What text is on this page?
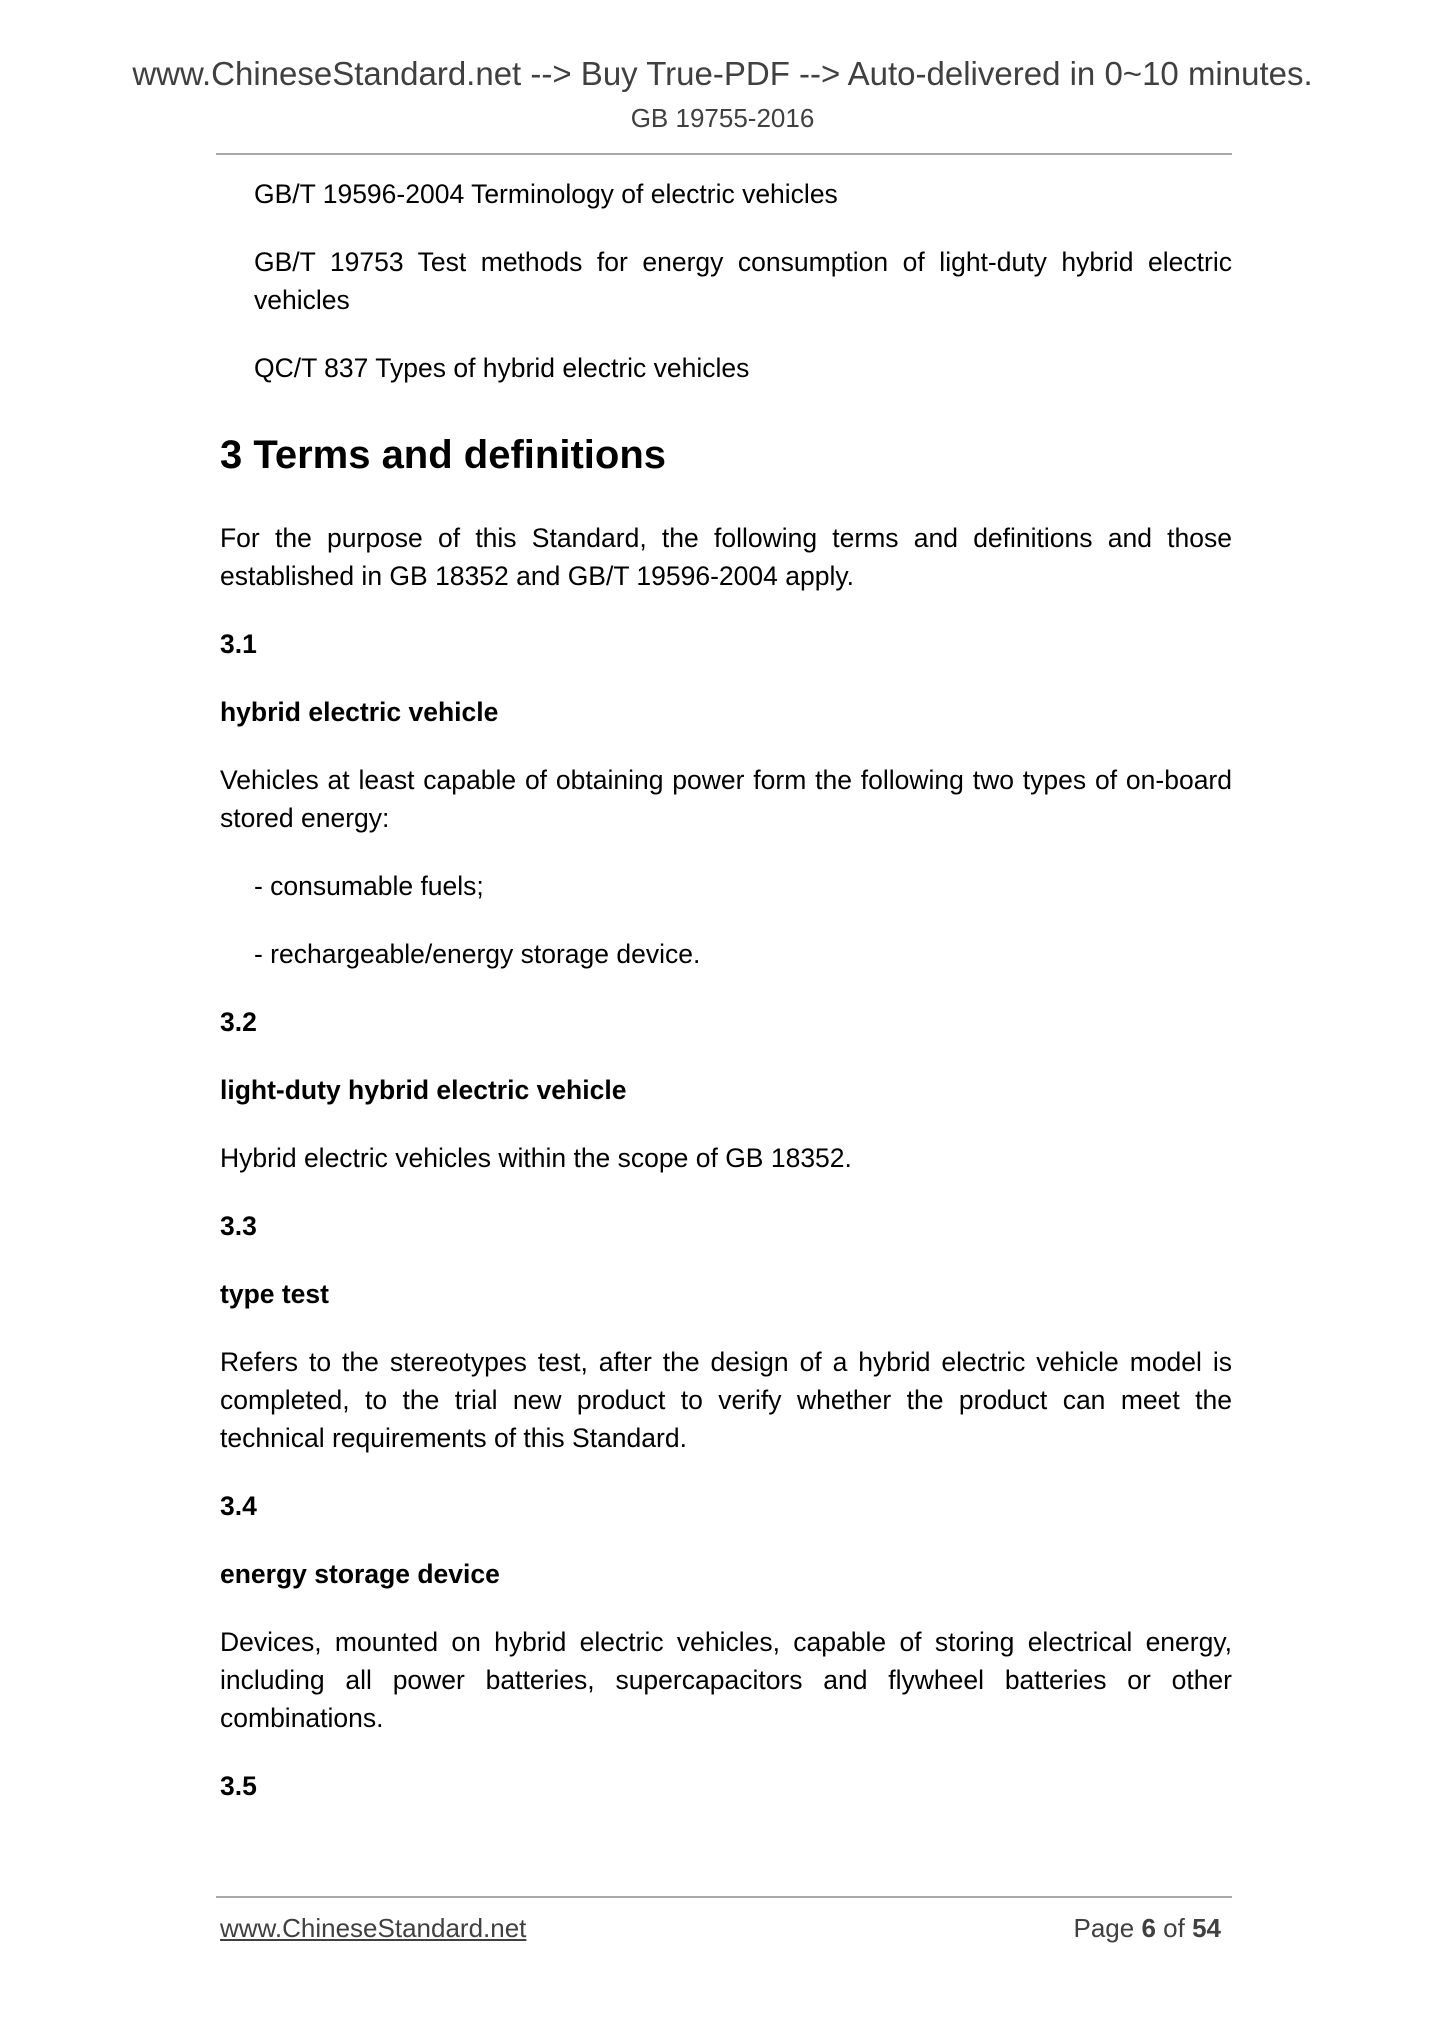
www.ChineseStandard.net --> Buy True-PDF --> Auto-delivered in 0~10 minutes.
GB 19755-2016

GB/T 19596-2004 Terminology of electric vehicles

GB/T 19753 Test methods for energy consumption of light-duty hybrid electric vehicles

QC/T 837 Types of hybrid electric vehicles

3 Terms and definitions

For the purpose of this Standard, the following terms and definitions and those established in GB 18352 and GB/T 19596-2004 apply.

3.1

hybrid electric vehicle

Vehicles at least capable of obtaining power form the following two types of on-board stored energy:

- consumable fuels;

- rechargeable/energy storage device.

3.2

light-duty hybrid electric vehicle

Hybrid electric vehicles within the scope of GB 18352.

3.3

type test

Refers to the stereotypes test, after the design of a hybrid electric vehicle model is completed, to the trial new product to verify whether the product can meet the technical requirements of this Standard.

3.4

energy storage device

Devices, mounted on hybrid electric vehicles, capable of storing electrical energy, including all power batteries, supercapacitors and flywheel batteries or other combinations.

3.5

www.ChineseStandard.net	Page 6 of 54
